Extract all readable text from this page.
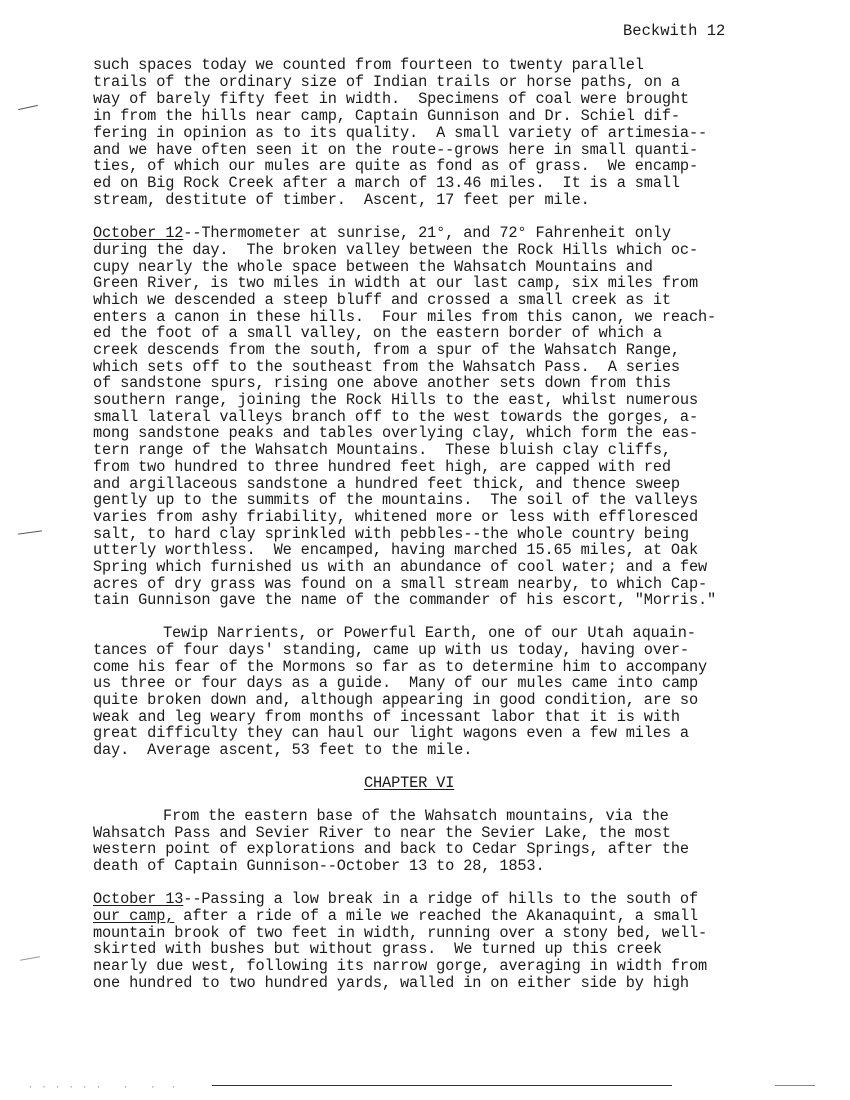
Beckwith 12
such spaces today we counted from fourteen to twenty parallel
trails of the ordinary size of Indian trails or horse paths, on a
way of barely fifty feet in width.  Specimens of coal were brought
in from the hills near camp, Captain Gunnison and Dr. Schiel dif-
fering in opinion as to its quality.  A small variety of artimesia--
and we have often seen it on the route--grows here in small quanti-
ties, of which our mules are quite as fond as of grass.  We encamp-
ed on Big Rock Creek after a march of 13.46 miles.  It is a small
stream, destitute of timber.  Ascent, 17 feet per mile.
October 12--Thermometer at sunrise, 21°, and 72° Fahrenheit only
during the day.  The broken valley between the Rock Hills which oc-
cupy nearly the whole space between the Wahsatch Mountains and
Green River, is two miles in width at our last camp, six miles from
which we descended a steep bluff and crossed a small creek as it
enters a canon in these hills.  Four miles from this canon, we reach-
ed the foot of a small valley, on the eastern border of which a
creek descends from the south, from a spur of the Wahsatch Range,
which sets off to the southeast from the Wahsatch Pass.  A series
of sandstone spurs, rising one above another sets down from this
southern range, joining the Rock Hills to the east, whilst numerous
small lateral valleys branch off to the west towards the gorges, a-
mong sandstone peaks and tables overlying clay, which form the eas-
tern range of the Wahsatch Mountains.  These bluish clay cliffs,
from two hundred to three hundred feet high, are capped with red
and argillaceous sandstone a hundred feet thick, and thence sweep
gently up to the summits of the mountains.  The soil of the valleys
varies from ashy friability, whitened more or less with effloresced
salt, to hard clay sprinkled with pebbles--the whole country being
utterly worthless.  We encamped, having marched 15.65 miles, at Oak
Spring which furnished us with an abundance of cool water; and a few
acres of dry grass was found on a small stream nearby, to which Cap-
tain Gunnison gave the name of the commander of his escort, "Morris."
Tewip Narrients, or Powerful Earth, one of our Utah aquain-
tances of four days' standing, came up with us today, having over-
come his fear of the Mormons so far as to determine him to accompany
us three or four days as a guide.  Many of our mules came into camp
quite broken down and, although appearing in good condition, are so
weak and leg weary from months of incessant labor that it is with
great difficulty they can haul our light wagons even a few miles a
day.  Average ascent, 53 feet to the mile.
CHAPTER VI
From the eastern base of the Wahsatch mountains, via the
Wahsatch Pass and Sevier River to near the Sevier Lake, the most
western point of explorations and back to Cedar Springs, after the
death of Captain Gunnison--October 13 to 28, 1853.
October 13--Passing a low break in a ridge of hills to the south of
our camp, after a ride of a mile we reached the Akanaquint, a small
mountain brook of two feet in width, running over a stony bed, well-
skirted with bushes but without grass.  We turned up this creek
nearly due west, following its narrow gorge, averaging in width from
one hundred to two hundred yards, walled in on either side by high
· · · · · ·   ·   ·  ·
